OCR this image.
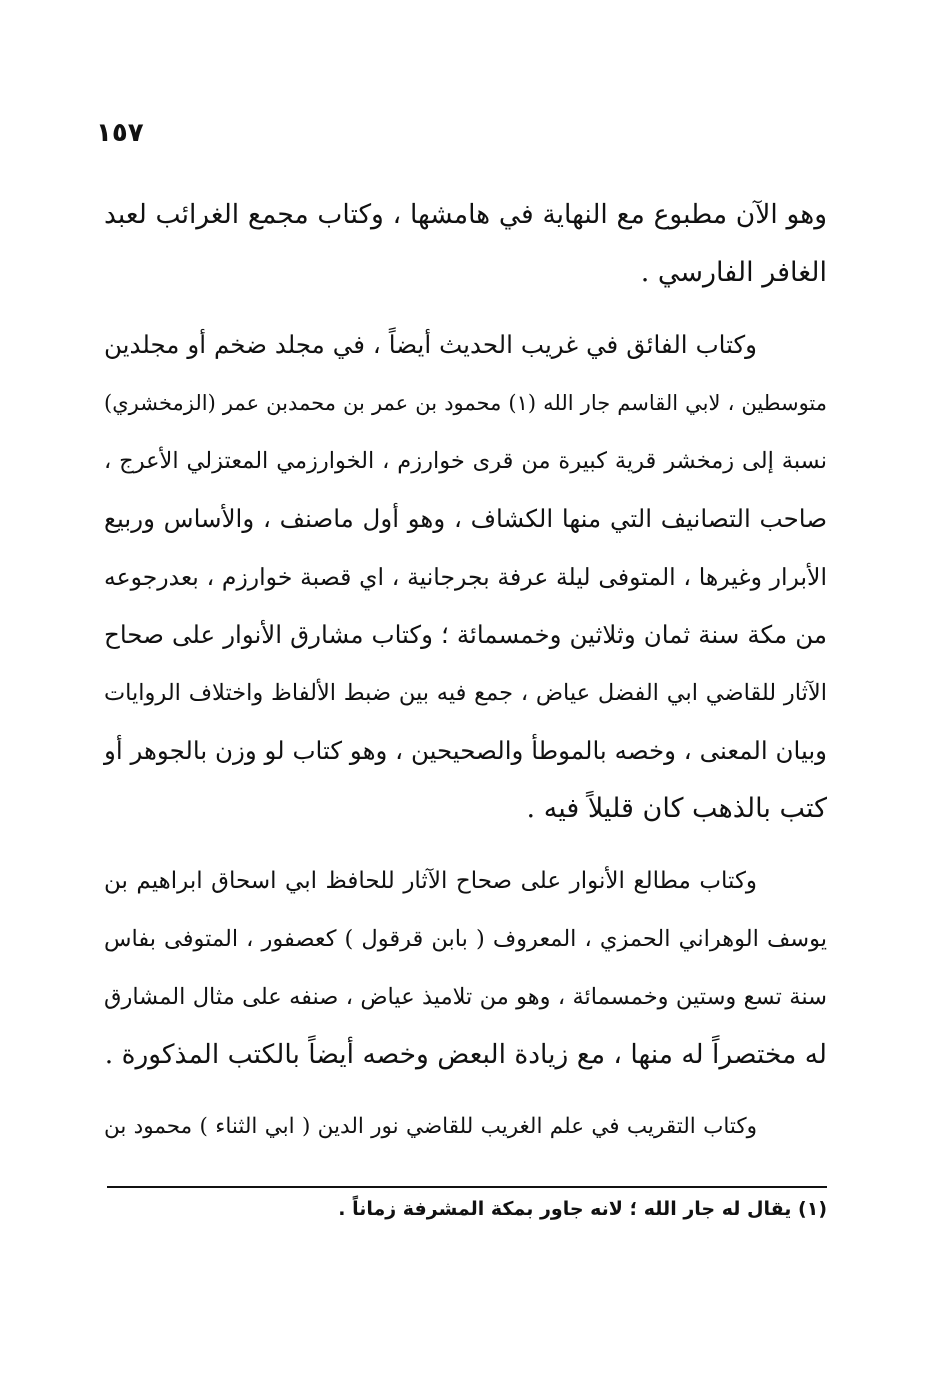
١٥٧

وهو الآن مطبوع مع النهاية في هامشها ، وكتاب مجمع الغرائب لعبد
الغافر الفارسي .

وكتاب الفائق في غريب الحديث أيضاً ، في مجلد ضخم أو مجلدين
متوسطين ، لابي القاسم جار الله (١) محمود بن عمر بن محمدبن عمر (الزمخشري)
نسبة إلى زمخشر قرية كبيرة من قرى خوارزم ، الخوارزمي المعتزلي الأعرج ،
صاحب التصانيف التي منها الكشاف ، وهو أول ماصنف ، والأساس وربيع
الأبرار وغيرها ، المتوفى ليلة عرفة بجرجانية ، اي قصبة خوارزم ، بعدرجوعه
من مكة سنة ثمان وثلاثين وخمسمائة ؛ وكتاب مشارق الأنوار على صحاح
الآثار للقاضي ابي الفضل عياض ، جمع فيه بين ضبط الألفاظ واختلاف الروايات
وبيان المعنى ، وخصه بالموطأ والصحيحين ، وهو كتاب لو وزن بالجوهر أو
كتب بالذهب كان قليلاً فيه .

وكتاب مطالع الأنوار على صحاح الآثار للحافظ ابي اسحاق ابراهيم بن
يوسف الوهراني الحمزي ، المعروف ( بابن قرقول ) كعصفور ، المتوفى بفاس
سنة تسع وستين وخمسمائة ، وهو من تلاميذ عياض ، صنفه على مثال المشارق
له مختصراً له منها ، مع زيادة البعض وخصه أيضاً بالكتب المذكورة .

وكتاب التقريب في علم الغريب للقاضي نور الدين ( ابي الثناء ) محمود بن

(١) يقال له جار الله ؛ لانه جاور بمكة المشرفة زماناً .
